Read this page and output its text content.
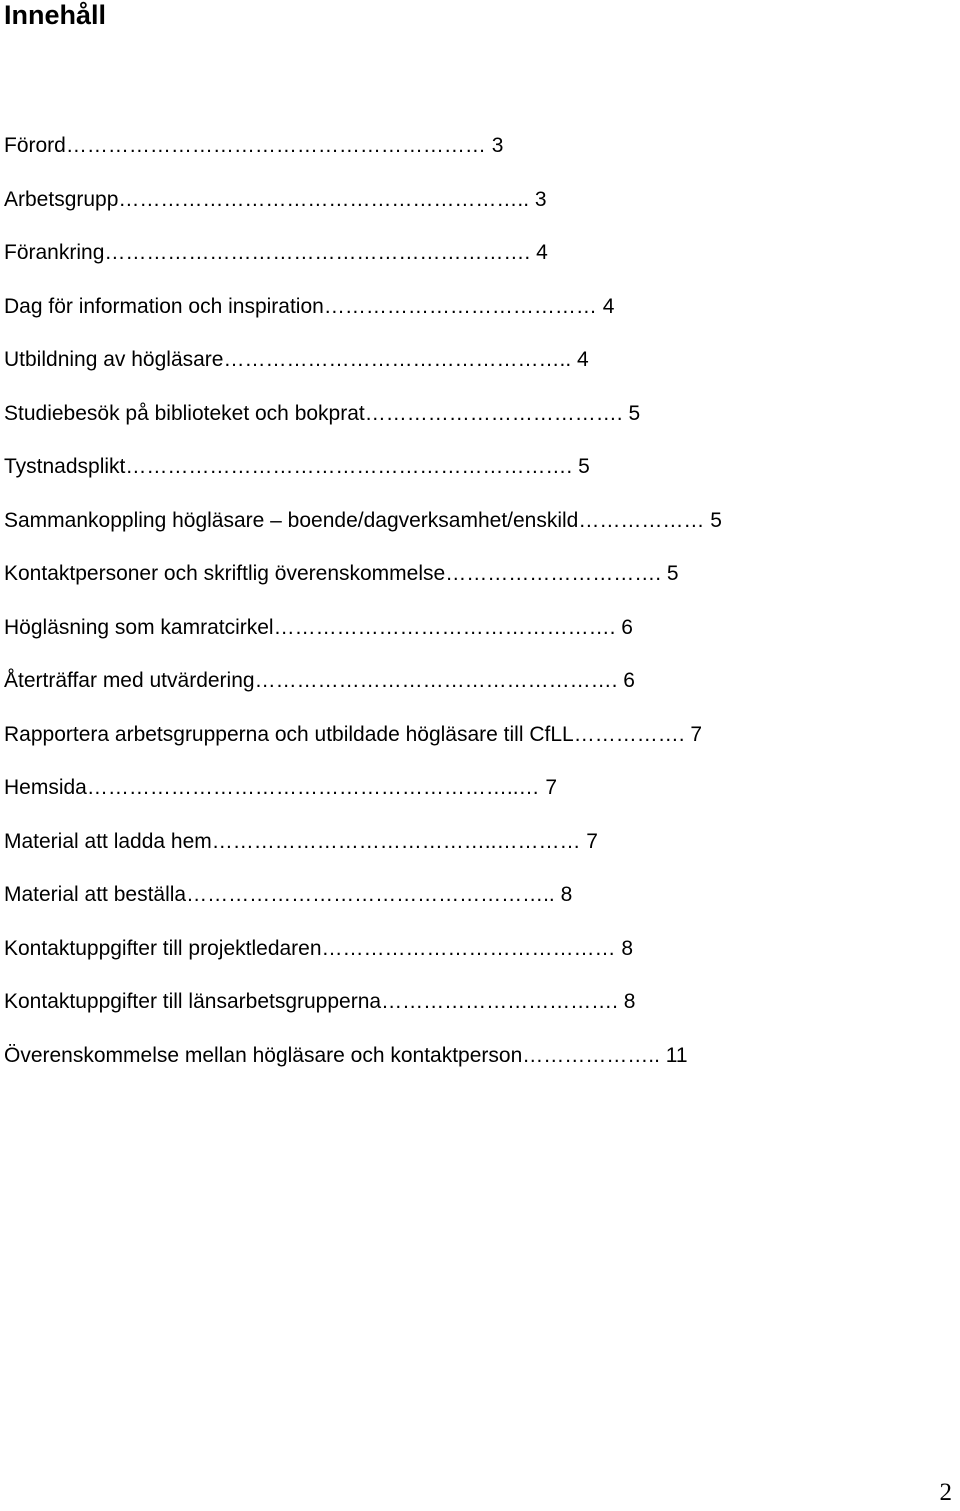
Innehåll
Förord…………………………………………………… 3
Arbetsgrupp………………………………………………….. 3
Förankring……………………………………………………. 4
Dag för information och inspiration………………………………… 4
Utbildning av högläsare………………………………………….. 4
Studiebesök på biblioteket och bokprat………………………………. 5
Tystnadsplikt………………………………………………………. 5
Sammankoppling högläsare – boende/dagverksamhet/enskild……………… 5
Kontaktpersoner och skriftlig överenskommelse…………………………. 5
Högläsning som kamratcirkel…………………………………………. 6
Återträffar med utvärdering……………………………………………. 6
Rapportera arbetsgrupperna och utbildade högläsare till CfLL……………. 7
Hemsida……………………………………………………..… 7
Material att ladda hem…………………………………..………… 7
Material att beställa…………………………………………….. 8
Kontaktuppgifter till projektledaren…………………………………… 8
Kontaktuppgifter till länsarbetsgrupperna……………………………. 8
Överenskommelse mellan högläsare och kontaktperson……………….. 11
2
